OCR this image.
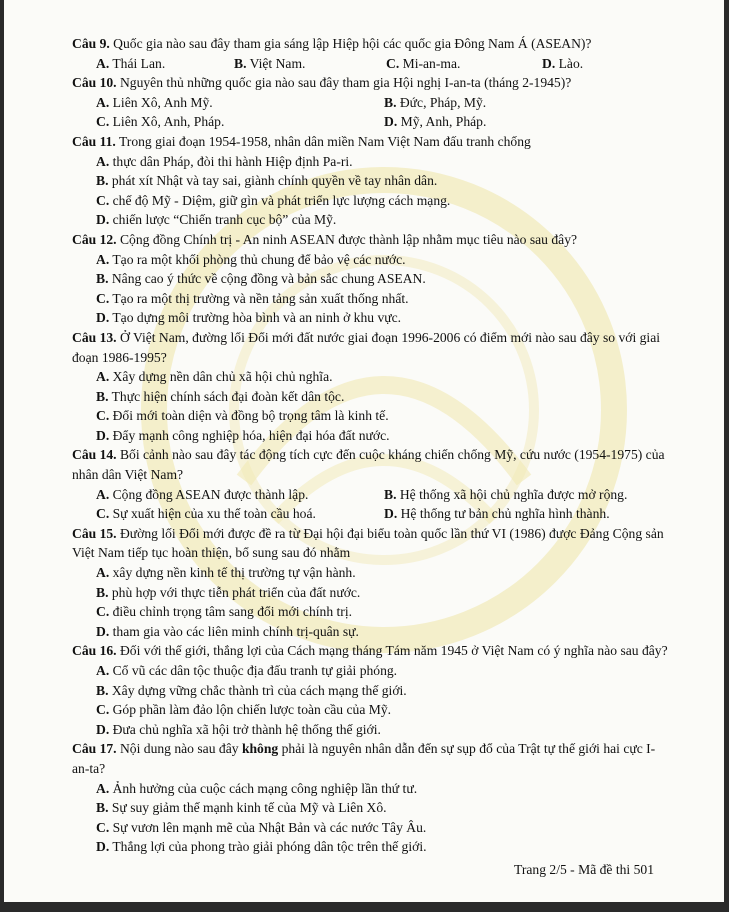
Câu 9. Quốc gia nào sau đây tham gia sáng lập Hiệp hội các quốc gia Đông Nam Á (ASEAN)?
A. Thái Lan.	B. Việt Nam.	C. Mi-an-ma.	D. Lào.
Câu 10. Nguyên thủ những quốc gia nào sau đây tham gia Hội nghị I-an-ta (tháng 2-1945)?
A. Liên Xô, Anh Mỹ.	B. Đức, Pháp, Mỹ.
C. Liên Xô, Anh, Pháp.	D. Mỹ, Anh, Pháp.
Câu 11. Trong giai đoạn 1954-1958, nhân dân miền Nam Việt Nam đấu tranh chống
A. thực dân Pháp, đòi thi hành Hiệp định Pa-ri.
B. phát xít Nhật và tay sai, giành chính quyền về tay nhân dân.
C. chế độ Mỹ - Diệm, giữ gìn và phát triển lực lượng cách mạng.
D. chiến lược “Chiến tranh cục bộ” của Mỹ.
Câu 12. Cộng đồng Chính trị - An ninh ASEAN được thành lập nhằm mục tiêu nào sau đây?
A. Tạo ra một khối phòng thủ chung để bảo vệ các nước.
B. Nâng cao ý thức về cộng đồng và bản sắc chung ASEAN.
C. Tạo ra một thị trường và nền tảng sản xuất thống nhất.
D. Tạo dựng môi trường hòa bình và an ninh ở khu vực.
Câu 13. Ở Việt Nam, đường lối Đổi mới đất nước giai đoạn 1996-2006 có điểm mới nào sau đây so với giai đoạn 1986-1995?
A. Xây dựng nền dân chủ xã hội chủ nghĩa.
B. Thực hiện chính sách đại đoàn kết dân tộc.
C. Đổi mới toàn diện và đồng bộ trọng tâm là kinh tế.
D. Đẩy mạnh công nghiệp hóa, hiện đại hóa đất nước.
Câu 14. Bối cảnh nào sau đây tác động tích cực đến cuộc kháng chiến chống Mỹ, cứu nước (1954-1975) của nhân dân Việt Nam?
A. Cộng đồng ASEAN được thành lập.	B. Hệ thống xã hội chủ nghĩa được mở rộng.
C. Sự xuất hiện của xu thế toàn cầu hoá.	D. Hệ thống tư bản chủ nghĩa hình thành.
Câu 15. Đường lối Đổi mới được đề ra từ Đại hội đại biểu toàn quốc lần thứ VI (1986) được Đảng Cộng sản Việt Nam tiếp tục hoàn thiện, bổ sung sau đó nhằm
A. xây dựng nền kinh tế thị trường tự vận hành.
B. phù hợp với thực tiễn phát triển của đất nước.
C. điều chỉnh trọng tâm sang đổi mới chính trị.
D. tham gia vào các liên minh chính trị-quân sự.
Câu 16. Đối với thế giới, thắng lợi của Cách mạng tháng Tám năm 1945 ở Việt Nam có ý nghĩa nào sau đây?
A. Cổ vũ các dân tộc thuộc địa đấu tranh tự giải phóng.
B. Xây dựng vững chắc thành trì của cách mạng thế giới.
C. Góp phần làm đảo lộn chiến lược toàn cầu của Mỹ.
D. Đưa chủ nghĩa xã hội trở thành hệ thống thế giới.
Câu 17. Nội dung nào sau đây không phải là nguyên nhân dẫn đến sự sụp đổ của Trật tự thế giới hai cực I-an-ta?
A. Ảnh hưởng của cuộc cách mạng công nghiệp lần thứ tư.
B. Sự suy giảm thế mạnh kinh tế của Mỹ và Liên Xô.
C. Sự vươn lên mạnh mẽ của Nhật Bản và các nước Tây Âu.
D. Thắng lợi của phong trào giải phóng dân tộc trên thế giới.
Trang 2/5 - Mã đề thi 501
